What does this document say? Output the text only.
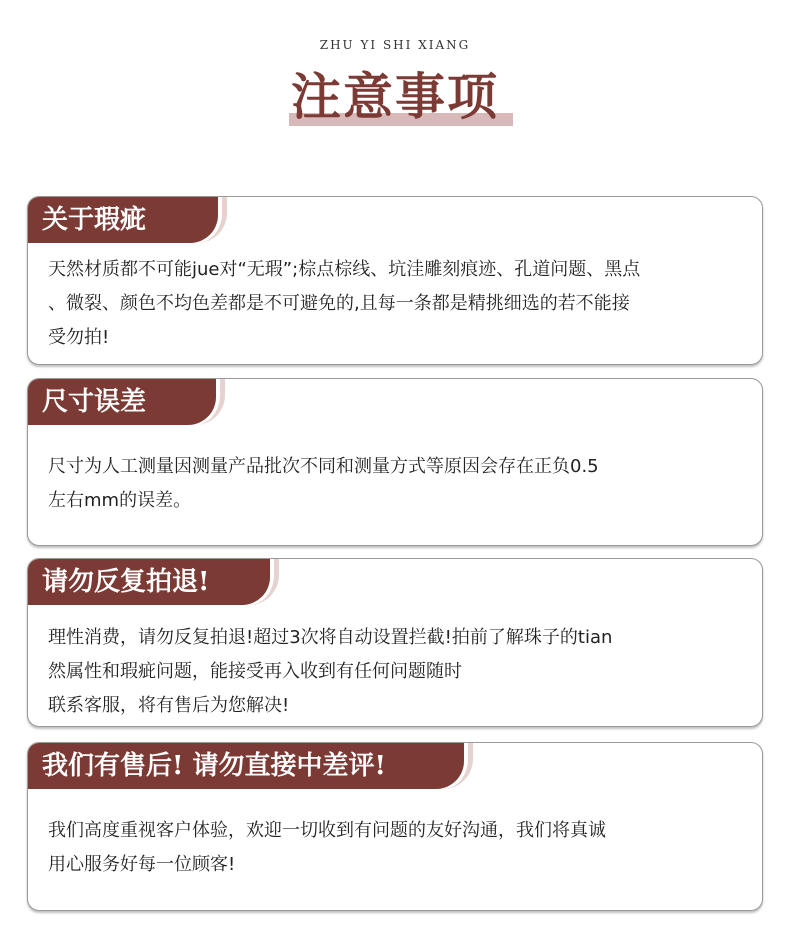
ZHU YI SHI XIANG
注意事项
关于瑕疵

天然材质都不可能jue对“无瑕”;棕点棕线、坑洼雕刻痕迹、孔道问题、黑点

、微裂、颜色不均色差都是不可避免的,且每一条都是精挑细选的若不能接

受勿拍!

尺寸误差

尺寸为人工测量因测量产品批次不同和测量方式等原因会存在正负0.5

左右mm的误差。

请勿反复拍退!

理性消费，请勿反复拍退!超过3次将自动设置拦截!拍前了解珠子的tian

然属性和瑕疵问题，能接受再入收到有任何问题随时

联系客服，将有售后为您解决!

我们有售后! 请勿直接中差评!

我们高度重视客户体验，欢迎一切收到有问题的友好沟通，我们将真诚

用心服务好每一位顾客!
